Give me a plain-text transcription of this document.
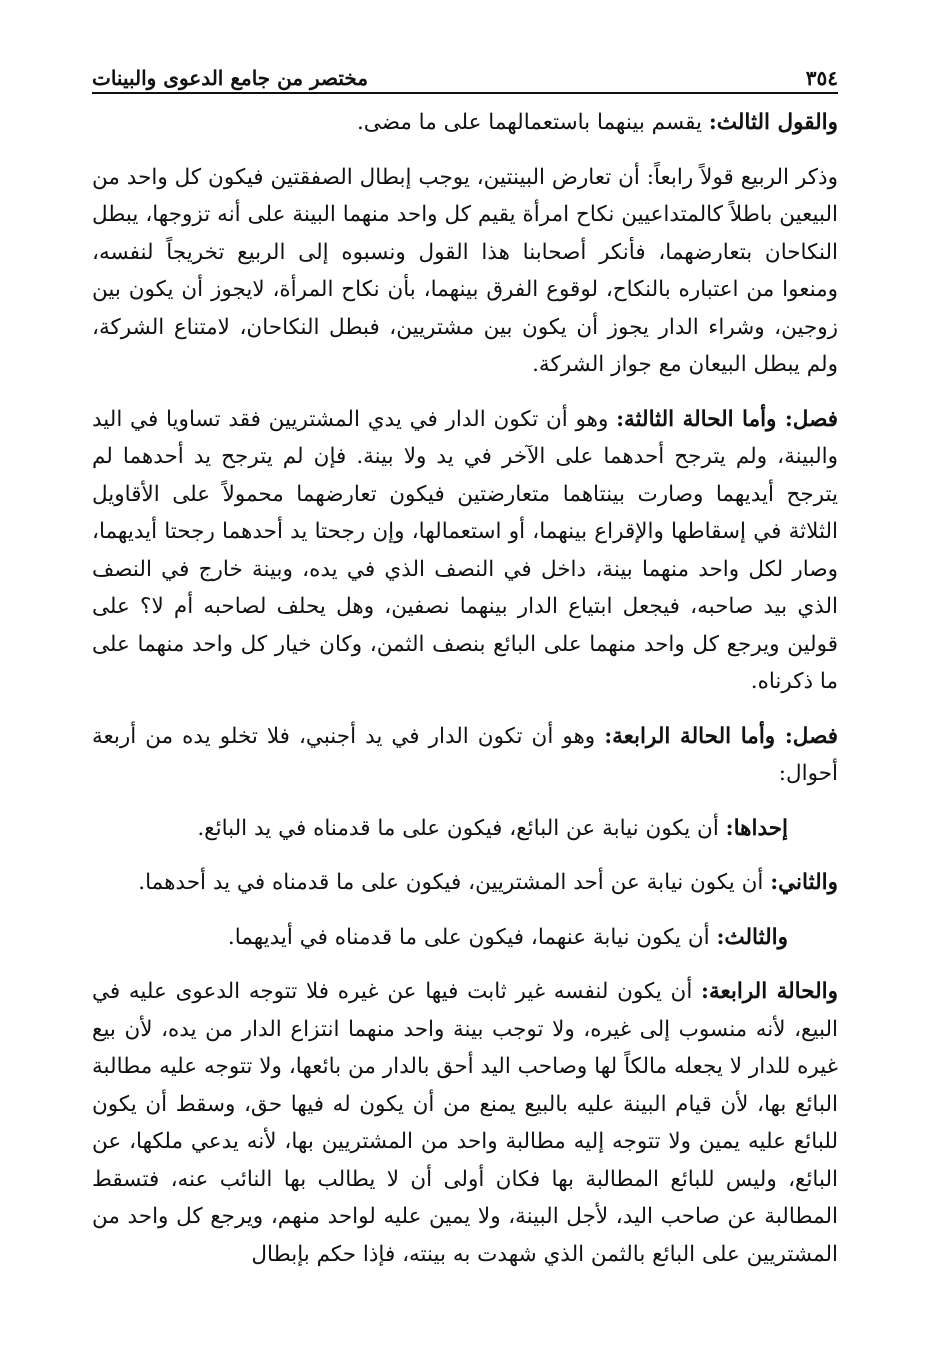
٣٥٤
مختصر من جامع الدعوى والبينات

والقول الثالث: يقسم بينهما باستعمالهما على ما مضى.

وذكر الربيع قولاً رابعاً: أن تعارض البينتين، يوجب إبطال الصفقتين فيكون كل واحد من البيعين باطلاً كالمتداعيين نكاح امرأة يقيم كل واحد منهما البينة على أنه تزوجها، يبطل النكاحان بتعارضهما، فأنكر أصحابنا هذا القول ونسبوه إلى الربيع تخريجاً لنفسه، ومنعوا من اعتباره بالنكاح، لوقوع الفرق بينهما، بأن نكاح المرأة، لايجوز أن يكون بين زوجين، وشراء الدار يجوز أن يكون بين مشتريين، فبطل النكاحان، لامتناع الشركة، ولم يبطل البيعان مع جواز الشركة.

فصل: وأما الحالة الثالثة: وهو أن تكون الدار في يدي المشتريين فقد تساويا في اليد والبينة، ولم يترجح أحدهما على الآخر في يد ولا بينة. فإن لم يترجح يد أحدهما لم يترجح أيديهما وصارت بينتاهما متعارضتين فيكون تعارضهما محمولاً على الأقاويل الثلاثة في إسقاطها والإقراع بينهما، أو استعمالها، وإن رجحتا يد أحدهما رجحتا أيديهما، وصار لكل واحد منهما بينة، داخل في النصف الذي في يده، وبينة خارج في النصف الذي بيد صاحبه، فيجعل ابتياع الدار بينهما نصفين، وهل يحلف لصاحبه أم لا؟ على قولين ويرجع كل واحد منهما على البائع بنصف الثمن، وكان خيار كل واحد منهما على ما ذكرناه.

فصل: وأما الحالة الرابعة: وهو أن تكون الدار في يد أجنبي، فلا تخلو يده من أربعة أحوال:

إحداها: أن يكون نيابة عن البائع، فيكون على ما قدمناه في يد البائع.

والثاني: أن يكون نيابة عن أحد المشتريين، فيكون على ما قدمناه في يد أحدهما.

والثالث: أن يكون نيابة عنهما، فيكون على ما قدمناه في أيديهما.

والحالة الرابعة: أن يكون لنفسه غير ثابت فيها عن غيره فلا تتوجه الدعوى عليه في البيع، لأنه منسوب إلى غيره، ولا توجب بينة واحد منهما انتزاع الدار من يده، لأن بيع غيره للدار لا يجعله مالكاً لها وصاحب اليد أحق بالدار من بائعها، ولا تتوجه عليه مطالبة البائع بها، لأن قيام البينة عليه بالبيع يمنع من أن يكون له فيها حق، وسقط أن يكون للبائع عليه يمين ولا تتوجه إليه مطالبة واحد من المشتريين بها، لأنه يدعي ملكها، عن البائع، وليس للبائع المطالبة بها فكان أولى أن لا يطالب بها النائب عنه، فتسقط المطالبة عن صاحب اليد، لأجل البينة، ولا يمين عليه لواحد منهم، ويرجع كل واحد من المشتريين على البائع بالثمن الذي شهدت به بينته، فإذا حكم بإبطال
